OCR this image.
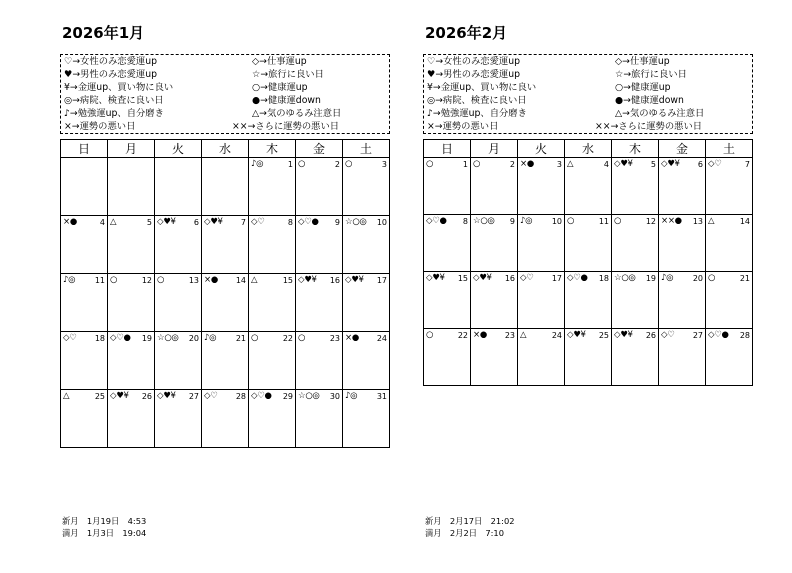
2026年1月
♡→女性のみ恋愛運up
♥→男性のみ恋愛運up
¥→金運up、買い物に良い
◎→病院、検査に良い日
♪→勉強運up、自分磨き
×→運勢の悪い日
◇→仕事運up
☆→旅行に良い日
○→健康運up
●→健康運down
△→気のゆるみ注意日
××→さらに運勢の悪い日
日	月	火	水	木	金	土

				♪◎ 1	○ 2	○ 3

×● 4	△ 5	◇♥¥ 6	◇♥¥ 7	◇♡ 8	◇♡● 9	☆○◎ 10

♪◎ 11	○ 12	○ 13	×● 14	△ 15	◇♥¥ 16	◇♥¥ 17

◇♡ 18	◇♡● 19	☆○◎ 20	♪◎ 21	○ 22	○ 23	×● 24

△ 25	◇♥¥ 26	◇♥¥ 27	◇♡ 28	◇♡● 29	☆○◎ 30	♪◎ 31
新月　1月19日　4:53
満月　1月3日　19:04
2026年2月
♡→女性のみ恋愛運up
♥→男性のみ恋愛運up
¥→金運up、買い物に良い
◎→病院、検査に良い日
♪→勉強運up、自分磨き
×→運勢の悪い日
◇→仕事運up
☆→旅行に良い日
○→健康運up
●→健康運down
△→気のゆるみ注意日
××→さらに運勢の悪い日
日	月	火	水	木	金	土

○ 1	○ 2	×● 3	△ 4	◇♥¥ 5	◇♥¥ 6	◇♡ 7

◇♡● 8	☆○◎ 9	♪◎ 10	○ 11	○ 12	××● 13	△ 14

◇♥¥ 15	◇♥¥ 16	◇♡ 17	◇♡● 18	☆○◎ 19	♪◎ 20	○ 21

○ 22	×● 23	△ 24	◇♥¥ 25	◇♥¥ 26	◇♡ 27	◇♡● 28
新月　2月17日　21:02
満月　2月2日　7:10
